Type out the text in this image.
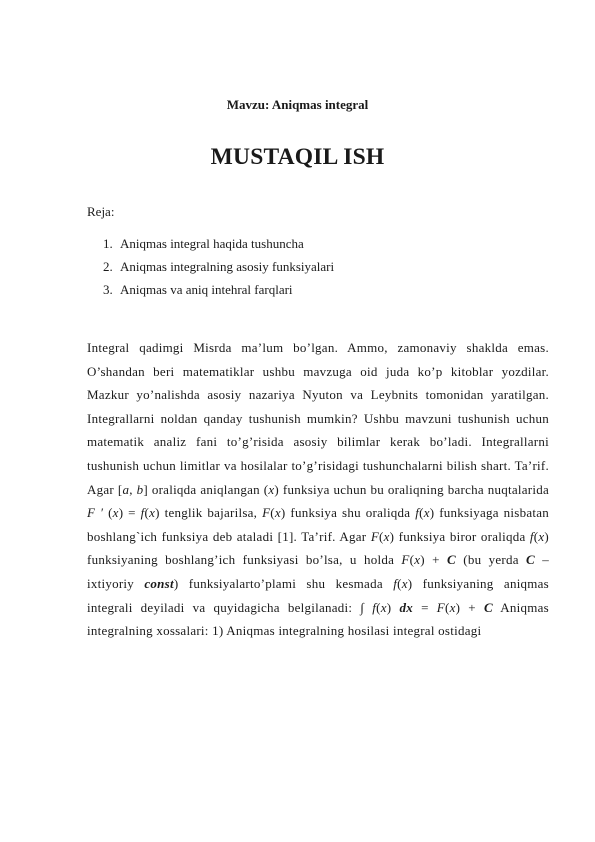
Mavzu: Aniqmas integral
MUSTAQIL ISH
Reja:
1. Aniqmas integral haqida tushuncha
2. Aniqmas integralning asosiy funksiyalari
3. Aniqmas va aniq intehral farqlari

Integral qadimgi Misrda ma’lum bo’lgan. Ammo, zamonaviy shaklda emas. O’shandan beri matematiklar ushbu mavzuga oid juda ko’p kitoblar yozdilar. Mazkur yo’nalishda asosiy nazariya Nyuton va Leybnits tomonidan yaratilgan. Integrallarni noldan qanday tushunish mumkin? Ushbu mavzuni tushunish uchun matematik analiz fani to’g’risida asosiy bilimlar kerak bo’ladi. Integrallarni tushunish uchun limitlar va hosilalar to’g’risidagi tushunchalarni bilish shart. Ta’rif. Agar [a, b] oraliqda aniqlangan (x) funksiya uchun bu oraliqning barcha nuqtalarida F ′ (x) = f(x) tenglik bajarilsa, F(x) funksiya shu oraliqda f(x) funksiyaga nisbatan boshlang`ich funksiya deb ataladi [1]. Ta’rif. Agar F(x) funksiya biror oraliqda f(x) funksiyaning boshlang’ich funksiyasi bo’lsa, u holda F(x) + C (bu yerda C – ixtiyoriy const) funksiyalarto’plami shu kesmada f(x) funksiyaning aniqmas integrali deyiladi va quyidagicha belgilanadi: ∫ f(x) dx = F(x) + C Aniqmas integralning xossalari: 1) Aniqmas integralning hosilasi integral ostidagi
